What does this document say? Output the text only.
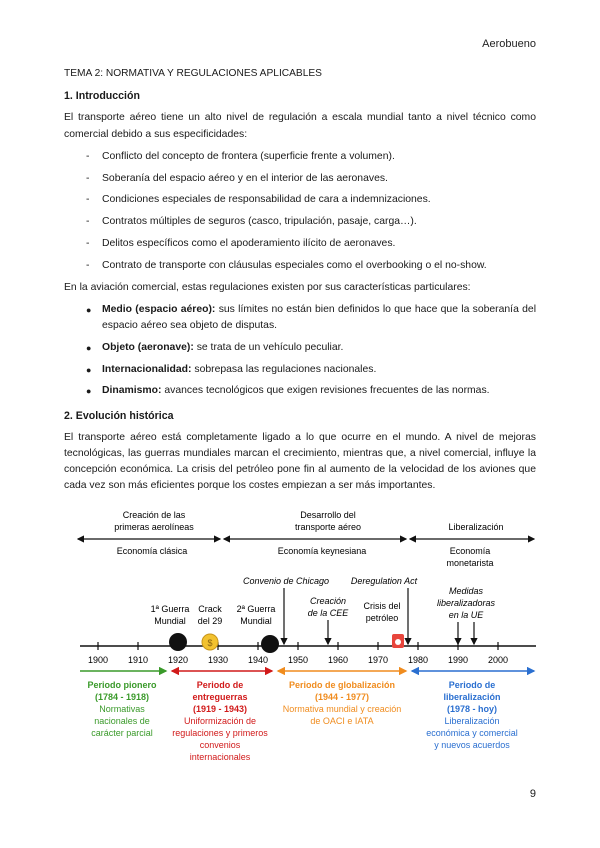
Aerobueno
TEMA 2: NORMATIVA Y REGULACIONES APLICABLES
1. Introducción

El transporte aéreo tiene un alto nivel de regulación a escala mundial tanto a nivel técnico como comercial debido a sus especificidades:

- Conflicto del concepto de frontera (superficie frente a volumen).
- Soberanía del espacio aéreo y en el interior de las aeronaves.
- Condiciones especiales de responsabilidad de cara a indemnizaciones.
- Contratos múltiples de seguros (casco, tripulación, pasaje, carga…).
- Delitos específicos como el apoderamiento ilícito de aeronaves.
- Contrato de transporte con cláusulas especiales como el overbooking o el no-show.

En la aviación comercial, estas regulaciones existen por sus características particulares:

● Medio (espacio aéreo): sus límites no están bien definidos lo que hace que la soberanía del espacio aéreo sea objeto de disputas.
● Objeto (aeronave): se trata de un vehículo peculiar.
● Internacionalidad: sobrepasa las regulaciones nacionales.
● Dinamismo: avances tecnológicos que exigen revisiones frecuentes de las normas.
2. Evolución histórica

El transporte aéreo está completamente ligado a lo que ocurre en el mundo. A nivel de mejoras tecnológicas, las guerras mundiales marcan el crecimiento, mientras que, a nivel comercial, influye la concepción económica. La crisis del petróleo pone fin al aumento de la velocidad de los aviones que cada vez son más eficientes porque los costes empiezan a ser más importantes.

Creación de las
primeras aerolíneas
Desarrollo del
transporte aéreo	Liberalización
Economía clásica	Economía keynesiana	Economía
monetarista
1ª Guerra
Mundial
Crack
del 29
2ª Guerra
Mundial
Convenio de Chicago
Creación
de la CEE
Crisis del
petróleo
Deregulation Act
Medidas
liberalizadoras
en la UE
$
1900 1910 1920 1930 1940 1950 1960 1970 1980 1990 2000
Periodo pionero
(1784 - 1918)
Normativas
nacionales de
carácter parcial
Periodo de
entreguerras
(1919 - 1943)
Uniformización de
regulaciones y primeros
convenios
internacionales
Periodo de globalización
(1944 - 1977)
Normativa mundial y creación
de OACI e IATA
Periodo de
liberalización
(1978 - hoy)
Liberalización
económica y comercial
y nuevos acuerdos
9
